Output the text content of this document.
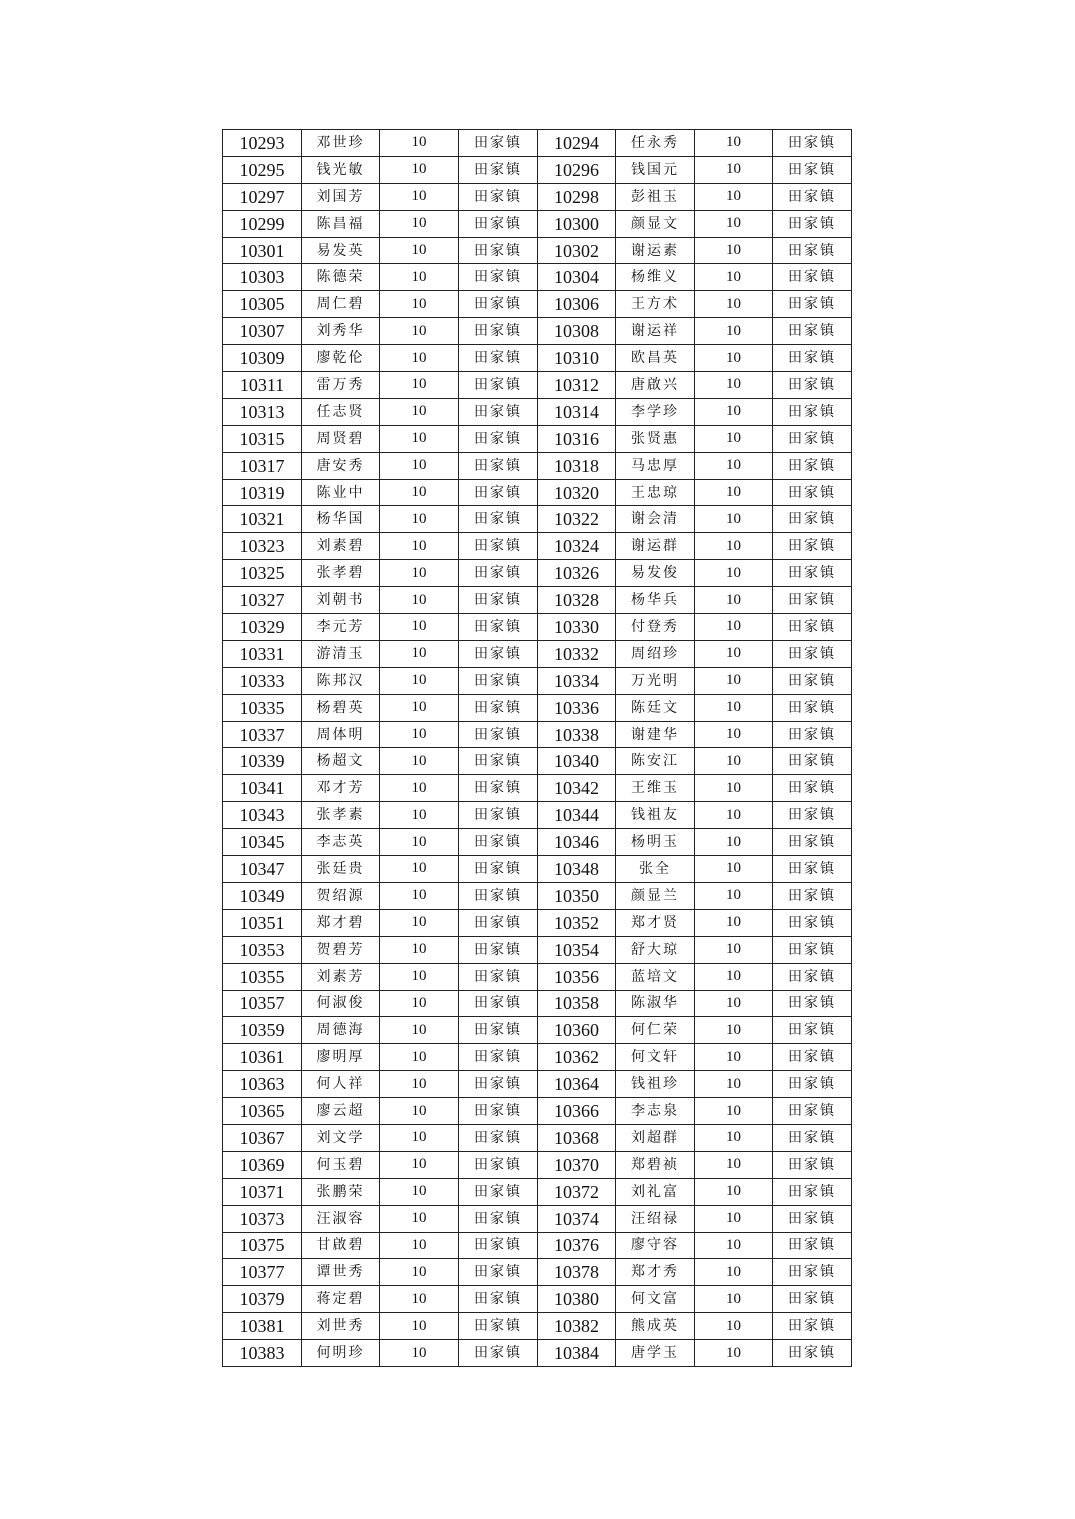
10293	邓世珍	10	田家镇	10294	任永秀	10	田家镇
10295	钱光敏	10	田家镇	10296	钱国元	10	田家镇
10297	刘国芳	10	田家镇	10298	彭祖玉	10	田家镇
10299	陈昌福	10	田家镇	10300	颜显文	10	田家镇
10301	易发英	10	田家镇	10302	谢运素	10	田家镇
10303	陈德荣	10	田家镇	10304	杨维义	10	田家镇
10305	周仁碧	10	田家镇	10306	王方术	10	田家镇
10307	刘秀华	10	田家镇	10308	谢运祥	10	田家镇
10309	廖乾伦	10	田家镇	10310	欧昌英	10	田家镇
10311	雷万秀	10	田家镇	10312	唐啟兴	10	田家镇
10313	任志贤	10	田家镇	10314	李学珍	10	田家镇
10315	周贤碧	10	田家镇	10316	张贤惠	10	田家镇
10317	唐安秀	10	田家镇	10318	马忠厚	10	田家镇
10319	陈业中	10	田家镇	10320	王忠琼	10	田家镇
10321	杨华国	10	田家镇	10322	谢会清	10	田家镇
10323	刘素碧	10	田家镇	10324	谢运群	10	田家镇
10325	张孝碧	10	田家镇	10326	易发俊	10	田家镇
10327	刘朝书	10	田家镇	10328	杨华兵	10	田家镇
10329	李元芳	10	田家镇	10330	付登秀	10	田家镇
10331	游清玉	10	田家镇	10332	周绍珍	10	田家镇
10333	陈邦汉	10	田家镇	10334	万光明	10	田家镇
10335	杨碧英	10	田家镇	10336	陈廷文	10	田家镇
10337	周体明	10	田家镇	10338	谢建华	10	田家镇
10339	杨超文	10	田家镇	10340	陈安江	10	田家镇
10341	邓才芳	10	田家镇	10342	王维玉	10	田家镇
10343	张孝素	10	田家镇	10344	钱祖友	10	田家镇
10345	李志英	10	田家镇	10346	杨明玉	10	田家镇
10347	张廷贵	10	田家镇	10348	张全	10	田家镇
10349	贺绍源	10	田家镇	10350	颜显兰	10	田家镇
10351	郑才碧	10	田家镇	10352	郑才贤	10	田家镇
10353	贺碧芳	10	田家镇	10354	舒大琼	10	田家镇
10355	刘素芳	10	田家镇	10356	蓝培文	10	田家镇
10357	何淑俊	10	田家镇	10358	陈淑华	10	田家镇
10359	周德海	10	田家镇	10360	何仁荣	10	田家镇
10361	廖明厚	10	田家镇	10362	何文轩	10	田家镇
10363	何人祥	10	田家镇	10364	钱祖珍	10	田家镇
10365	廖云超	10	田家镇	10366	李志泉	10	田家镇
10367	刘文学	10	田家镇	10368	刘超群	10	田家镇
10369	何玉碧	10	田家镇	10370	郑碧祯	10	田家镇
10371	张鹏荣	10	田家镇	10372	刘礼富	10	田家镇
10373	汪淑容	10	田家镇	10374	汪绍禄	10	田家镇
10375	甘啟碧	10	田家镇	10376	廖守容	10	田家镇
10377	谭世秀	10	田家镇	10378	郑才秀	10	田家镇
10379	蒋定碧	10	田家镇	10380	何文富	10	田家镇
10381	刘世秀	10	田家镇	10382	熊成英	10	田家镇
10383	何明珍	10	田家镇	10384	唐学玉	10	田家镇
